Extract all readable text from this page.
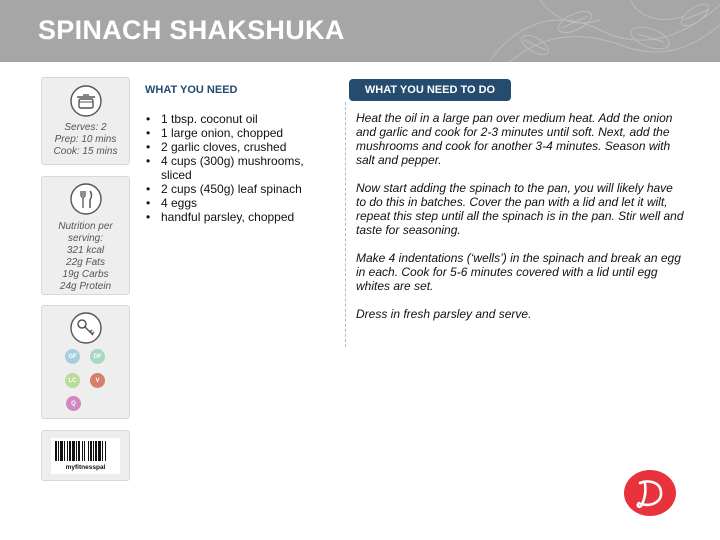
SPINACH SHAKSHUKA
Serves: 2
Prep: 10 mins
Cook: 15 mins
Nutrition per
serving:
321 kcal
22g Fats
19g Carbs
24g Protein
GF	DF
LC	V
Q
myfitnesspal
WHAT YOU NEED
• 1 tbsp. coconut oil
• 1 large onion, chopped
• 2 garlic cloves, crushed
• 4 cups (300g) mushrooms, sliced
• 2 cups (450g) leaf spinach
• 4 eggs
• handful parsley, chopped
WHAT YOU NEED TO DO

Heat the oil in a large pan over medium heat. Add the onion and garlic and cook for 2-3 minutes until soft. Next, add the mushrooms and cook for another 3-4 minutes. Season with salt and pepper.

Now start adding the spinach to the pan, you will likely have to do this in batches. Cover the pan with a lid and let it wilt, repeat this step until all the spinach is in the pan. Stir well and taste for seasoning.

Make 4 indentations (‘wells’) in the spinach and break an egg in each. Cook for 5-6 minutes covered with a lid until egg whites are set.

Dress in fresh parsley and serve.
